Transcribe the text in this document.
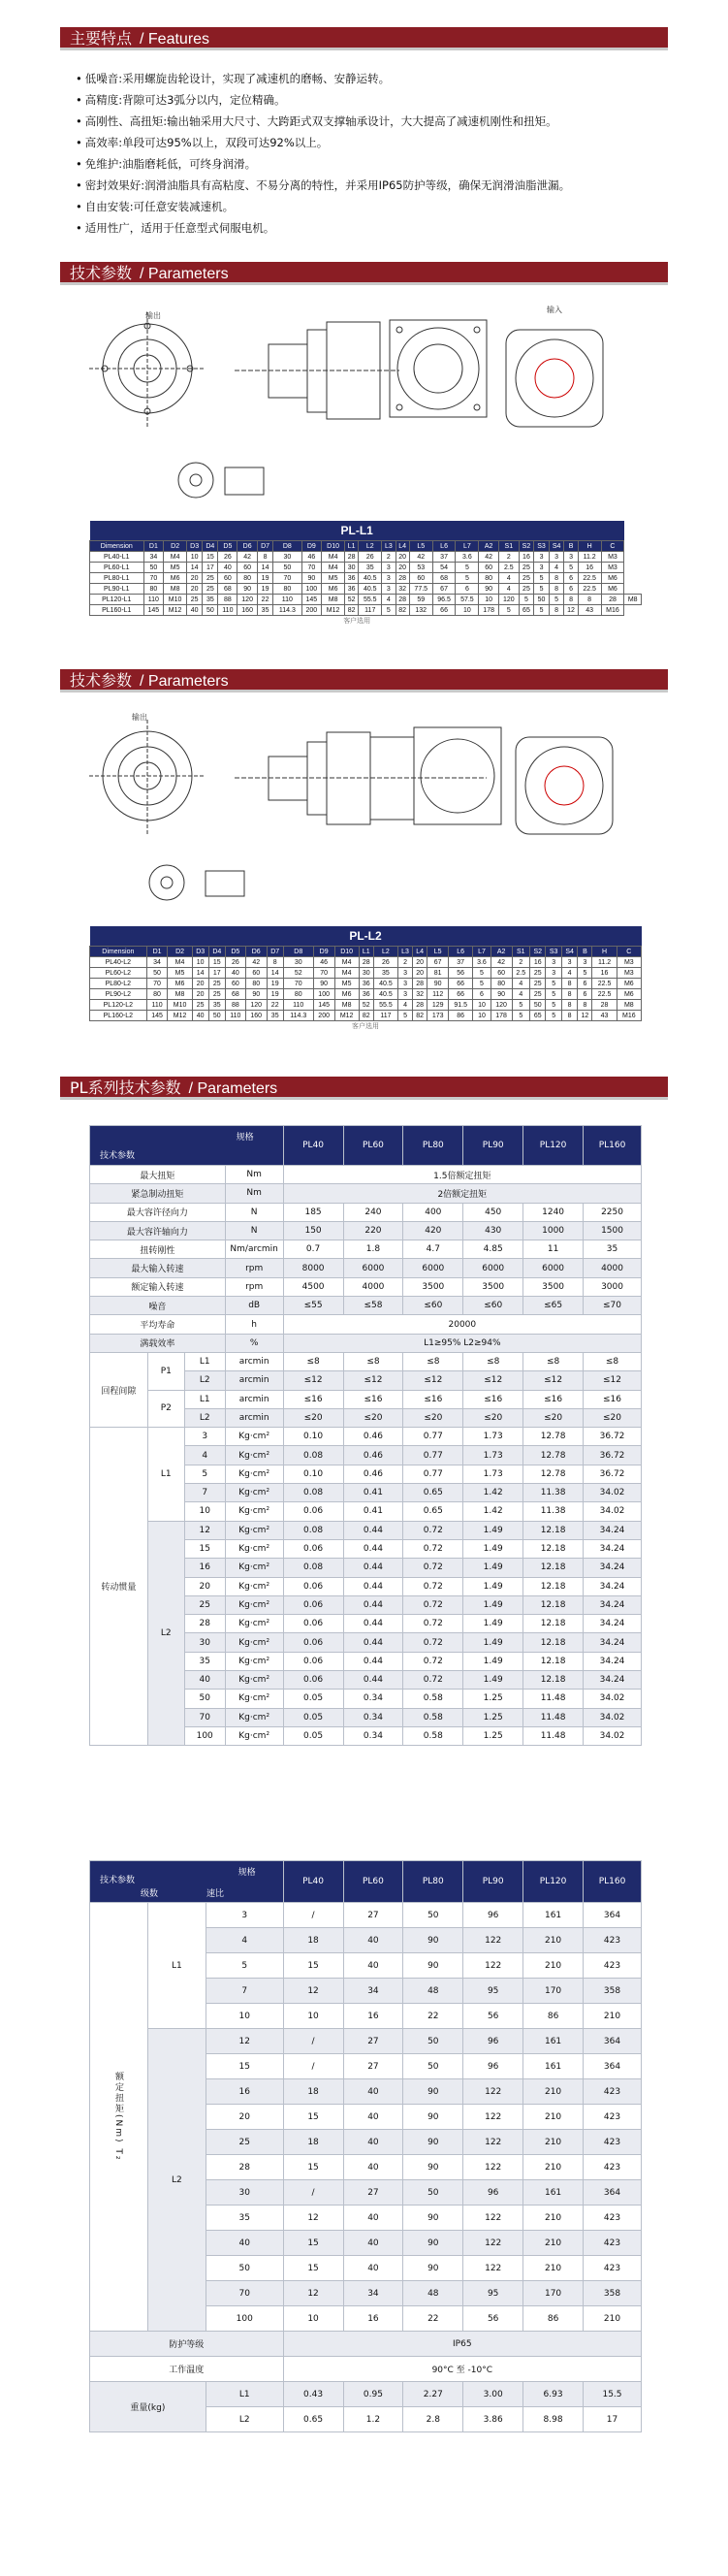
主要特点 / Features
• 低噪音:采用螺旋齿轮设计，实现了减速机的磨畅、安静运转。
• 高精度:背隙可达3弧分以内，定位精确。
• 高刚性、高扭矩:输出轴采用大尺寸、大跨距式双支撑轴承设计，大大提高了减速机刚性和扭矩。
• 高效率:单段可达95%以上，双段可达92%以上。
• 免维护:油脂磨耗低，可终身润滑。
• 密封效果好:润滑油脂具有高粘度、不易分离的特性，并采用IP65防护等级，确保无润滑油脂泄漏。
• 自由安装:可任意安装减速机。
• 适用性广，适用于任意型式伺服电机。
技术参数 / Parameters
输出
输入
PL-L1																										
Dimension	D1	D2	D3	D4	D5	D6	D7	D8	D9	D10	L1	L2	L3	L4	L5	L6	L7	A2	S1	S2	S3	S4	B	H	C	
PL40-L1	34	M4	10	15	26	42	8	30	46	M4	28	26	2	20	42	37	3.6	42	2	16	3	3	3	11.2	M3	
PL60-L1	50	M5	14	17	40	60	14	50	70	M4	30	35	3	20	53	54	5	60	2.5	25	3	4	5	16	M3	
PL80-L1	70	M6	20	25	60	80	19	70	90	M5	36	40.5	3	28	60	68	5	80	4	25	5	8	6	22.5	M6	
PL90-L1	80	M8	20	25	68	90	19	80	100	M6	36	40.5	3	32	77.5	67	6	90	4	25	5	8	6	22.5	M6	
PL120-L1	110	M10	25	35	88	120	22	110	145	M8	52	55.5	4	28	59	96.5	57.5	10	120	5	50	5	8	8	28	M8
PL160-L1	145	M12	40	50	110	160	35	114.3	200	M12	82	117	5	82	132	66	10	178	5	65	5	8	12	43	M16	
客户选用																										
技术参数 / Parameters
输出
PL-L2																									
Dimension	D1	D2	D3	D4	D5	D6	D7	D8	D9	D10	L1	L2	L3	L4	L5	L6	L7	A2	S1	S2	S3	S4	B	H	C
PL40-L2	34	M4	10	15	26	42	8	30	46	M4	28	26	2	20	67	37	3.6	42	2	16	3	3	3	11.2	M3
PL60-L2	50	M5	14	17	40	60	14	52	70	M4	30	35	3	20	81	56	5	60	2.5	25	3	4	5	16	M3
PL80-L2	70	M6	20	25	60	80	19	70	90	M5	36	40.5	3	28	90	66	5	80	4	25	5	8	6	22.5	M6
PL90-L2	80	M8	20	25	68	90	19	80	100	M6	36	40.5	3	32	112	66	6	90	4	25	5	8	6	22.5	M6
PL120-L2	110	M10	25	35	88	120	22	110	145	M8	52	55.5	4	28	129	91.5	10	120	5	50	5	8	8	28	M8
PL160-L2	145	M12	40	50	110	160	35	114.3	200	M12	82	117	5	82	173	86	10	178	5	65	5	8	12	43	M16
客户选用																									
PL系列技术参数 / Parameters
规格
技术参数				PL40	PL60	PL80	PL90	PL120	PL160
最大扭矩			Nm	1.5倍额定扭矩					
紧急制动扭矩			Nm	2倍额定扭矩					
最大容许径向力			N	185	240	400	450	1240	2250
最大容许轴向力			N	150	220	420	430	1000	1500
扭转刚性			Nm/arcmin	0.7	1.8	4.7	4.85	11	35
最大输入转速			rpm	8000	6000	6000	6000	6000	4000
额定输入转速			rpm	4500	4000	3500	3500	3500	3000
噪音			dB	≤55	≤58	≤60	≤60	≤65	≤70
平均寿命			h	20000					
满载效率			%	L1≥95% L2≥94%					
回程间隙	P1	L1	arcmin	≤8	≤8	≤8	≤8	≤8	≤8
		L2	arcmin	≤12	≤12	≤12	≤12	≤12	≤12
	P2	L1	arcmin	≤16	≤16	≤16	≤16	≤16	≤16
		L2	arcmin	≤20	≤20	≤20	≤20	≤20	≤20
转动惯量	L1	3	Kg·cm²	0.10	0.46	0.77	1.73	12.78	36.72
		4	Kg·cm²	0.08	0.46	0.77	1.73	12.78	36.72
		5	Kg·cm²	0.10	0.46	0.77	1.73	12.78	36.72
		7	Kg·cm²	0.08	0.41	0.65	1.42	11.38	34.02
		10	Kg·cm²	0.06	0.41	0.65	1.42	11.38	34.02
	L2	12	Kg·cm²	0.08	0.44	0.72	1.49	12.18	34.24
		15	Kg·cm²	0.06	0.44	0.72	1.49	12.18	34.24
		16	Kg·cm²	0.08	0.44	0.72	1.49	12.18	34.24
		20	Kg·cm²	0.06	0.44	0.72	1.49	12.18	34.24
		25	Kg·cm²	0.06	0.44	0.72	1.49	12.18	34.24
		28	Kg·cm²	0.06	0.44	0.72	1.49	12.18	34.24
		30	Kg·cm²	0.06	0.44	0.72	1.49	12.18	34.24
		35	Kg·cm²	0.06	0.44	0.72	1.49	12.18	34.24
		40	Kg·cm²	0.06	0.44	0.72	1.49	12.18	34.24
		50	Kg·cm²	0.05	0.34	0.58	1.25	11.48	34.02
		70	Kg·cm²	0.05	0.34	0.58	1.25	11.48	34.02
		100	Kg·cm²	0.05	0.34	0.58	1.25	11.48	34.02
规格
技术参数
级数 速比			PL40	PL60	PL80	PL90	PL120	PL160
额定扭矩(Nm) T₂	L1	3	/	27	50	96	161	364
		4	18	40	90	122	210	423
		5	15	40	90	122	210	423
		7	12	34	48	95	170	358
		10	10	16	22	56	86	210
	L2	12	/	27	50	96	161	364
		15	/	27	50	96	161	364
		16	18	40	90	122	210	423
		20	15	40	90	122	210	423
		25	18	40	90	122	210	423
		28	15	40	90	122	210	423
		30	/	27	50	96	161	364
		35	12	40	90	122	210	423
		40	15	40	90	122	210	423
		50	15	40	90	122	210	423
		70	12	34	48	95	170	358
		100	10	16	22	56	86	210
防护等级			IP65					
工作温度			90°C 至 -10°C					
重量(kg)		L1	0.43	0.95	2.27	3.00	6.93	15.5
		L2	0.65	1.2	2.8	3.86	8.98	17
